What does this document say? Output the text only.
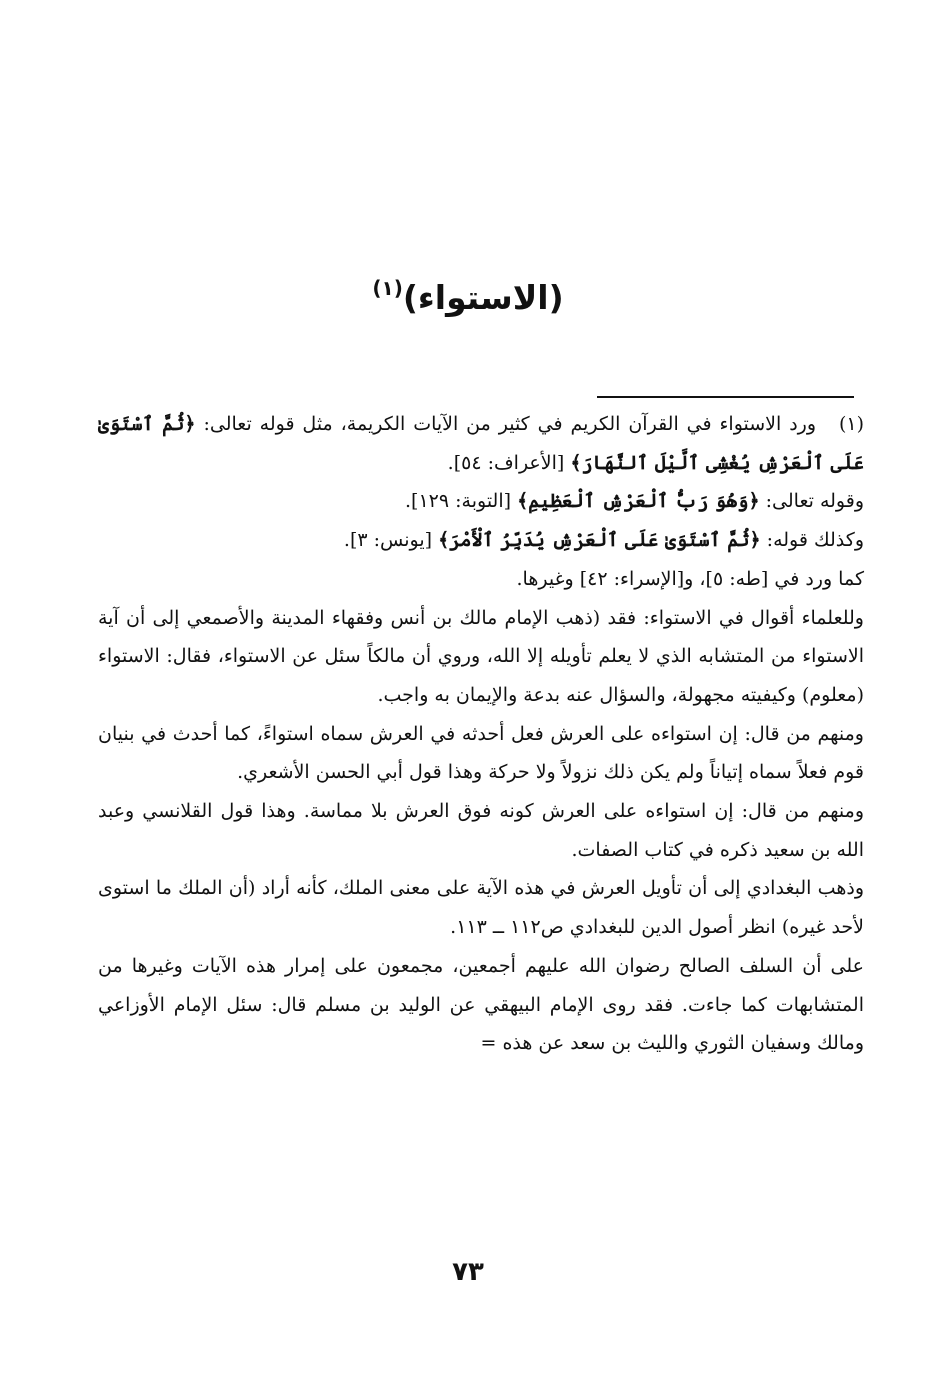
(الاستواء)$^{(١)}$

(١)ورد الاستواء في القرآن الكريم في كثير من الآيات الكريمة، مثل قوله تعالى: ﴿ثُمَّ ٱسْتَوَىٰ عَلَى ٱلْعَرْشِ يُغْشِى ٱلَّيْلَ ٱلنَّهَارَ﴾ [الأعراف: ٥٤].

وقوله تعالى: ﴿وَهُوَ رَبُّ ٱلْعَرْشِ ٱلْعَظِيمِ﴾ [التوبة: ١٢٩].

وكذلك قوله: ﴿ثُمَّ ٱسْتَوَىٰ عَلَى ٱلْعَرْشِ يُدَبِّرُ ٱلْأَمْرَ﴾ [يونس: ٣].

كما ورد في [طه: ٥]، و[الإسراء: ٤٢] وغيرها.

وللعلماء أقوال في الاستواء: فقد (ذهب الإمام مالك بن أنس وفقهاء المدينة والأصمعي إلى أن آية الاستواء من المتشابه الذي لا يعلم تأويله إلا الله، وروي أن مالكاً سئل عن الاستواء، فقال: الاستواء (معلوم) وكيفيته مجهولة، والسؤال عنه بدعة والإيمان به واجب.

ومنهم من قال: إن استواءه على العرش فعل أحدثه في العرش سماه استواءً، كما أحدث في بنيان قوم فعلاً سماه إتياناً ولم يكن ذلك نزولاً ولا حركة وهذا قول أبي الحسن الأشعري.

ومنهم من قال: إن استواءه على العرش كونه فوق العرش بلا مماسة. وهذا قول القلانسي وعبد الله بن سعيد ذكره في كتاب الصفات.

وذهب البغدادي إلى أن تأويل العرش في هذه الآية على معنى الملك، كأنه أراد (أن الملك ما استوى لأحد غيره) انظر أصول الدين للبغدادي ص١١٢ ــ ١١٣.

على أن السلف الصالح رضوان الله عليهم أجمعين، مجمعون على إمرار هذه الآيات وغيرها من المتشابهات كما جاءت. فقد روى الإمام البيهقي عن الوليد بن مسلم قال: سئل الإمام الأوزاعي ومالك وسفيان الثوري والليث بن سعد عن هذه =

٧٣
